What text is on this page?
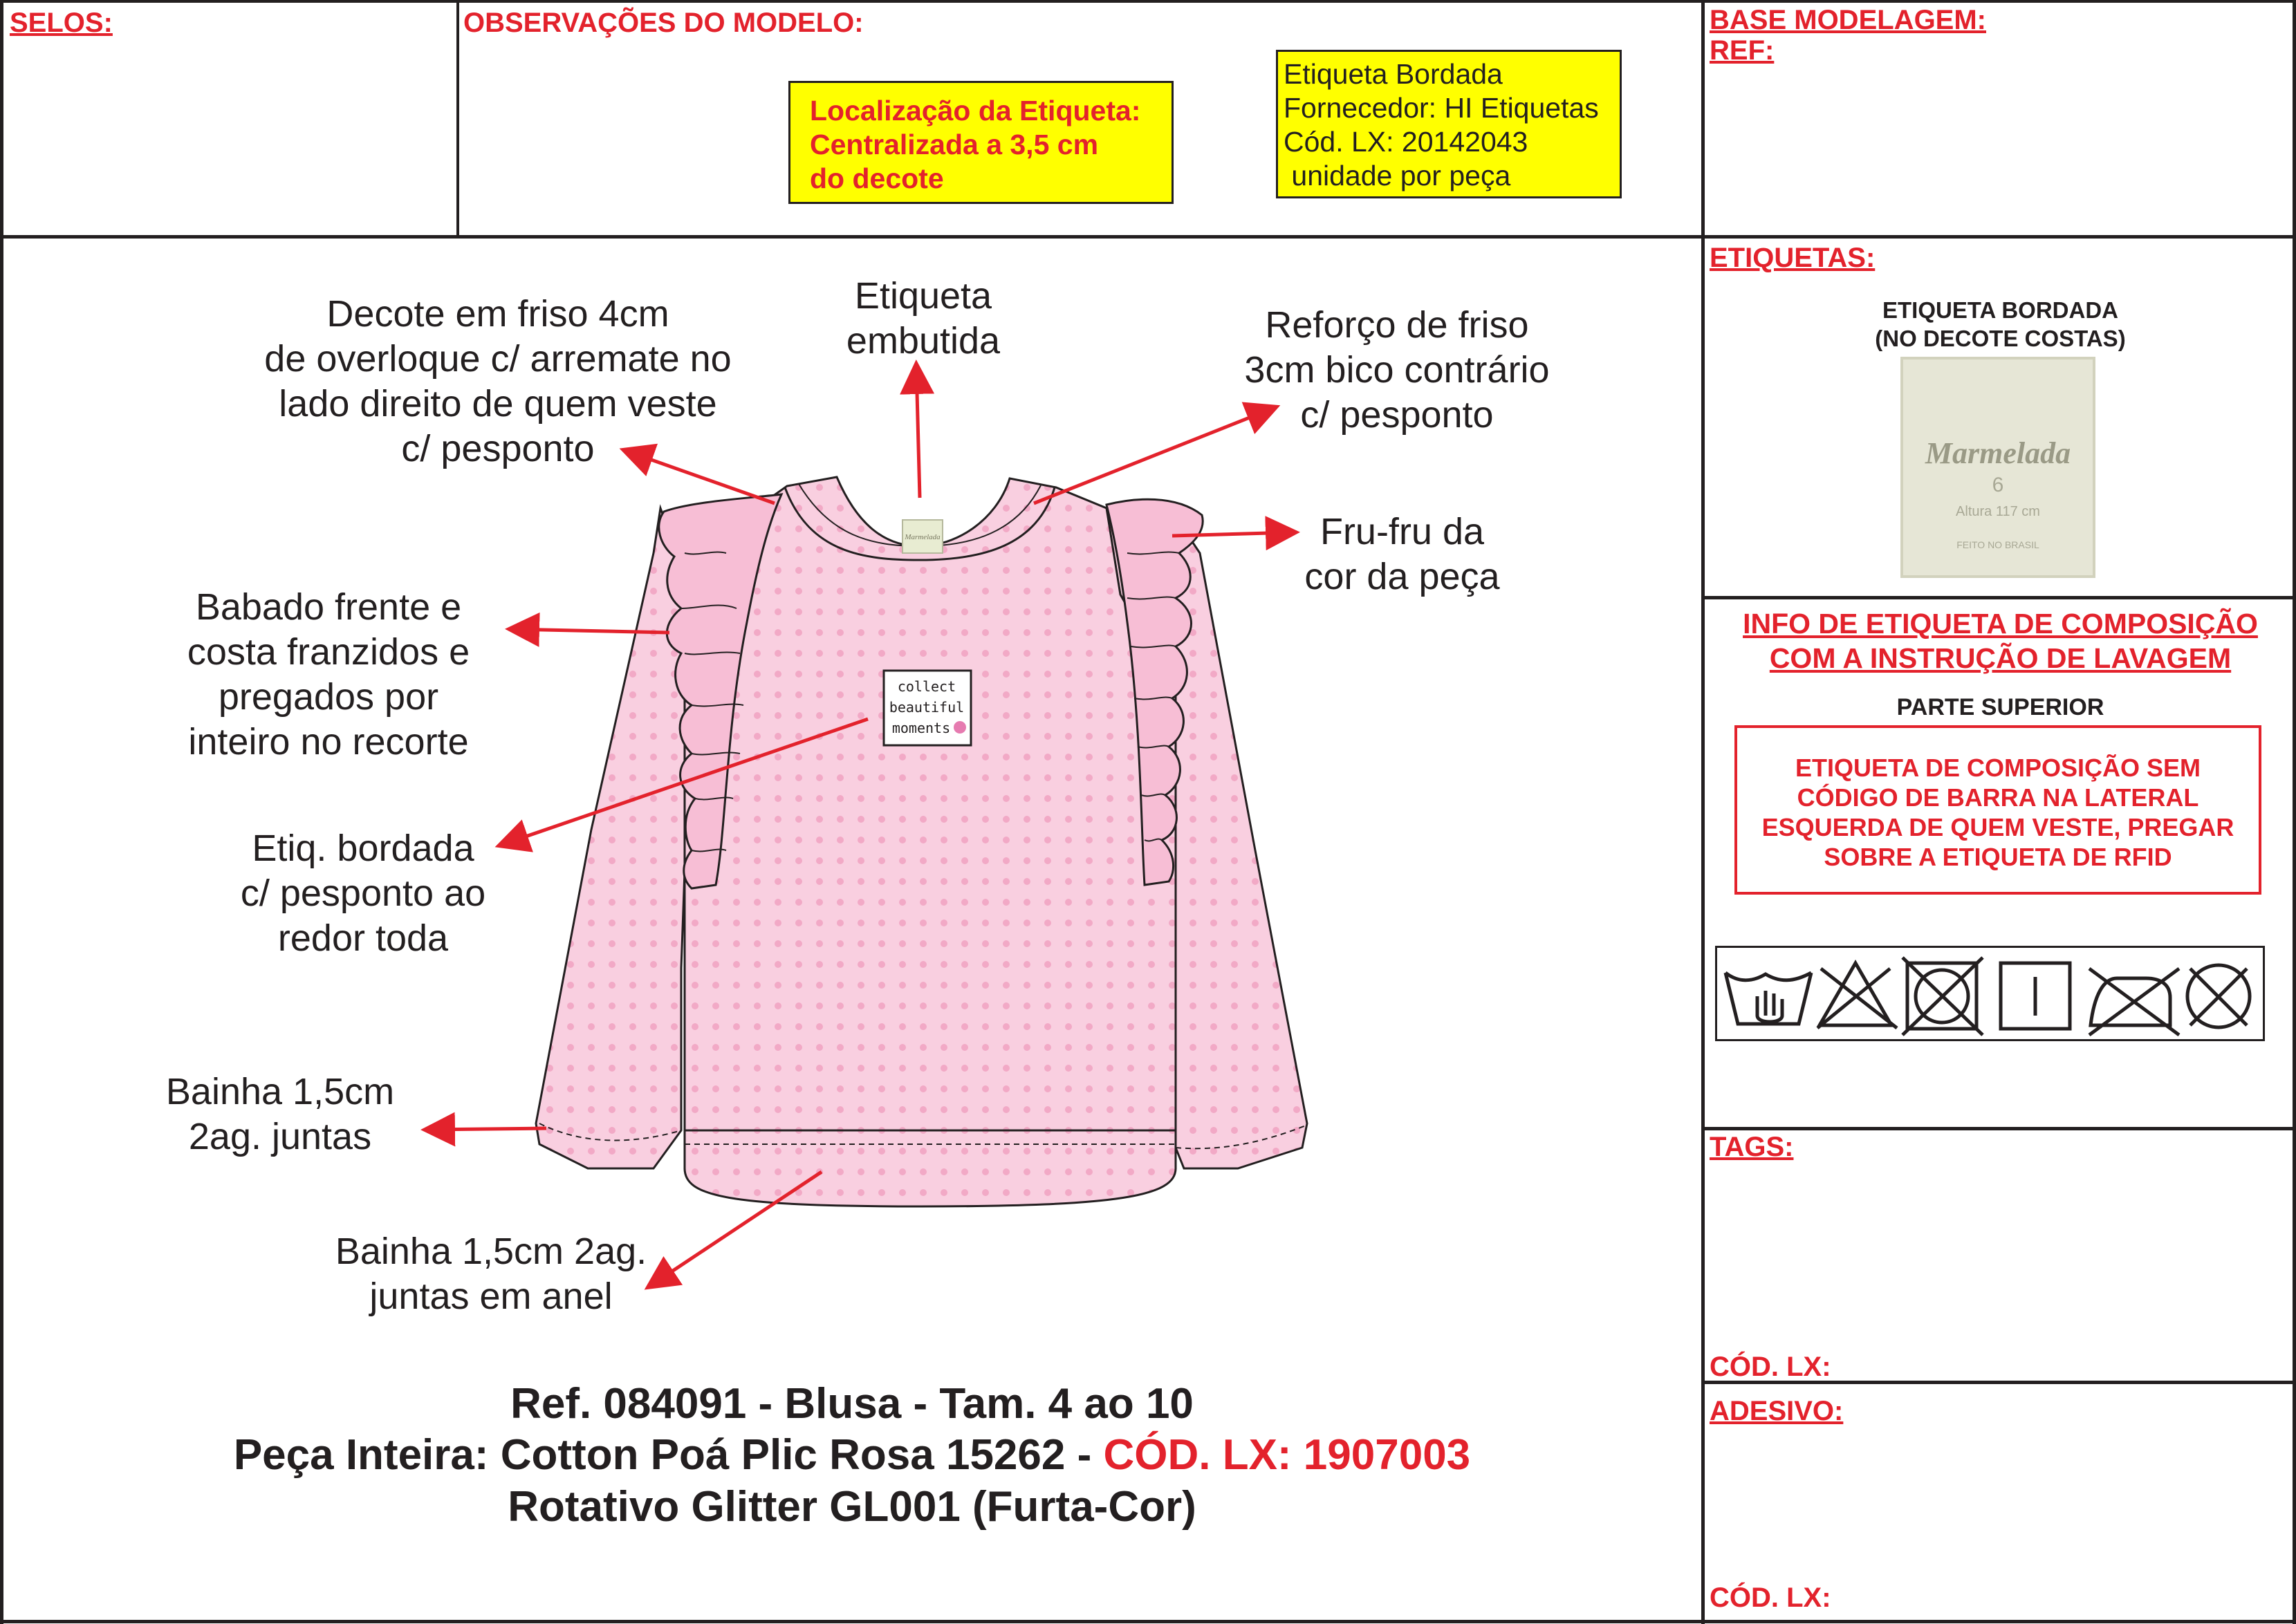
SELOS:	OBSERVAÇÕES DO MODELO:
Localização da Etiqueta:
Centralizada a 3,5 cm
do decote
Etiqueta Bordada
Fornecedor: HI Etiquetas
Cód. LX: 20142043
unidade por peça
BASE MODELAGEM:
REF:
Marmelada
collect
beautiful
moments
Decote em friso 4cm
de overloque c/ arremate no
lado direito de quem veste
c/ pesponto
Etiqueta
embutida	Reforço de friso
3cm bico contrário
c/ pesponto
Fru-fru da
cor da peça
Babado frente e
costa franzidos e
pregados por
inteiro no recorte
Etiq. bordada
c/ pesponto ao
redor toda
Bainha 1,5cm
2ag. juntas
Bainha 1,5cm 2ag.
juntas em anel
Ref. 084091 - Blusa - Tam. 4 ao 10
Peça Inteira: Cotton Poá Plic Rosa 15262 - CÓD. LX: 1907003
Rotativo Glitter GL001 (Furta-Cor)
ETIQUETAS:
ETIQUETA BORDADA
(NO DECOTE COSTAS)
Marmelada
6
Altura 117 cm
FEITO NO BRASIL
INFO DE ETIQUETA DE COMPOSIÇÃO
COM A INSTRUÇÃO DE LAVAGEM
PARTE SUPERIOR
ETIQUETA DE COMPOSIÇÃO SEM
CÓDIGO DE BARRA NA LATERAL
ESQUERDA DE QUEM VESTE, PREGAR
SOBRE A ETIQUETA DE RFID
TAGS:
CÓD. LX:
ADESIVO:
CÓD. LX:
